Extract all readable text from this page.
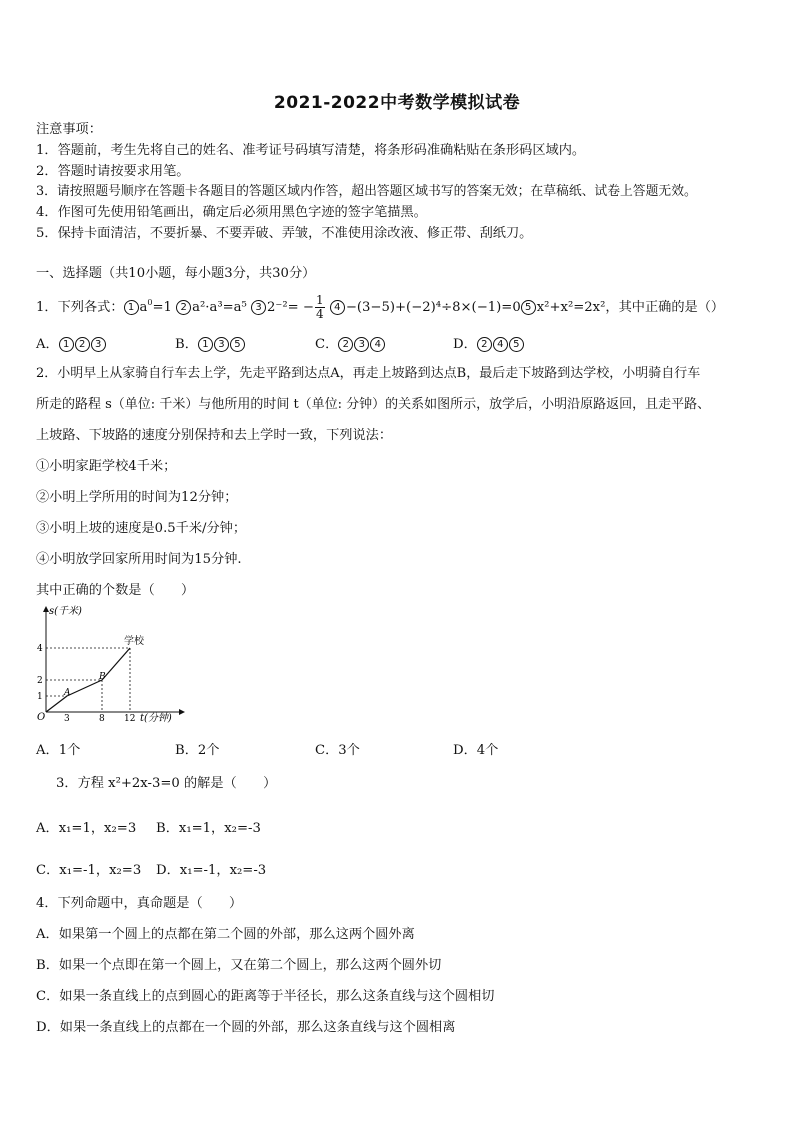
2021-2022中考数学模拟试卷
注意事项：
1．答题前，考生先将自己的姓名、准考证号码填写清楚，将条形码准确粘贴在条形码区域内。
2．答题时请按要求用笔。
3．请按照题号顺序在答题卡各题目的答题区域内作答，超出答题区域书写的答案无效；在草稿纸、试卷上答题无效。
4．作图可先使用铅笔画出，确定后必须用黑色字迹的签字笔描黑。
5．保持卡面清洁，不要折暴、不要弄破、弄皱，不准使用涂改液、修正带、刮纸刀。
一、选择题（共10小题，每小题3分，共30分）
1．下列各式： 1 $a^0=1$ 2 a²·a³=a⁵ 3 $2^{-2}= - \frac{1}{4} 4 -(3-5)+(-2)^4\div 8\times(-1)=0$ 5 x²+x²=2x²，其中正确的是（）
A． 1 2 3	B． 1 3 5	C． 2 3 4	D． 2 4 5
2．小明早上从家骑自行车去上学，先走平路到达点A，再走上坡路到达点B，最后走下坡路到达学校，小明骑自行车
所走的路程 s（单位: 千米）与他所用的时间 t（单位: 分钟）的关系如图所示，放学后，小明沿原路返回，且走平路、
上坡路、下坡路的速度分别保持和去上学时一致，下列说法：
①小明家距学校4千米；
②小明上学所用的时间为12分钟；
③小明上坡的速度是0.5千米/分钟；
④小明放学回家所用时间为15分钟.
其中正确的个数是（　　）
s(千米)
t(分钟)
O
A
B
学校
3	8 12
1
2
4
A．1个	B．2个	C．3个	D．4个
3．方程 x²+2x-3=0 的解是（　　）
A．x₁=1，x₂=3 B．x₁=1，x₂=-3
C．x₁=-1，x₂=3 D．x₁=-1，x₂=-3
4．下列命题中，真命题是（　　）
A．如果第一个圆上的点都在第二个圆的外部，那么这两个圆外离
B．如果一个点即在第一个圆上，又在第二个圆上，那么这两个圆外切
C．如果一条直线上的点到圆心的距离等于半径长，那么这条直线与这个圆相切
D．如果一条直线上的点都在一个圆的外部，那么这条直线与这个圆相离
